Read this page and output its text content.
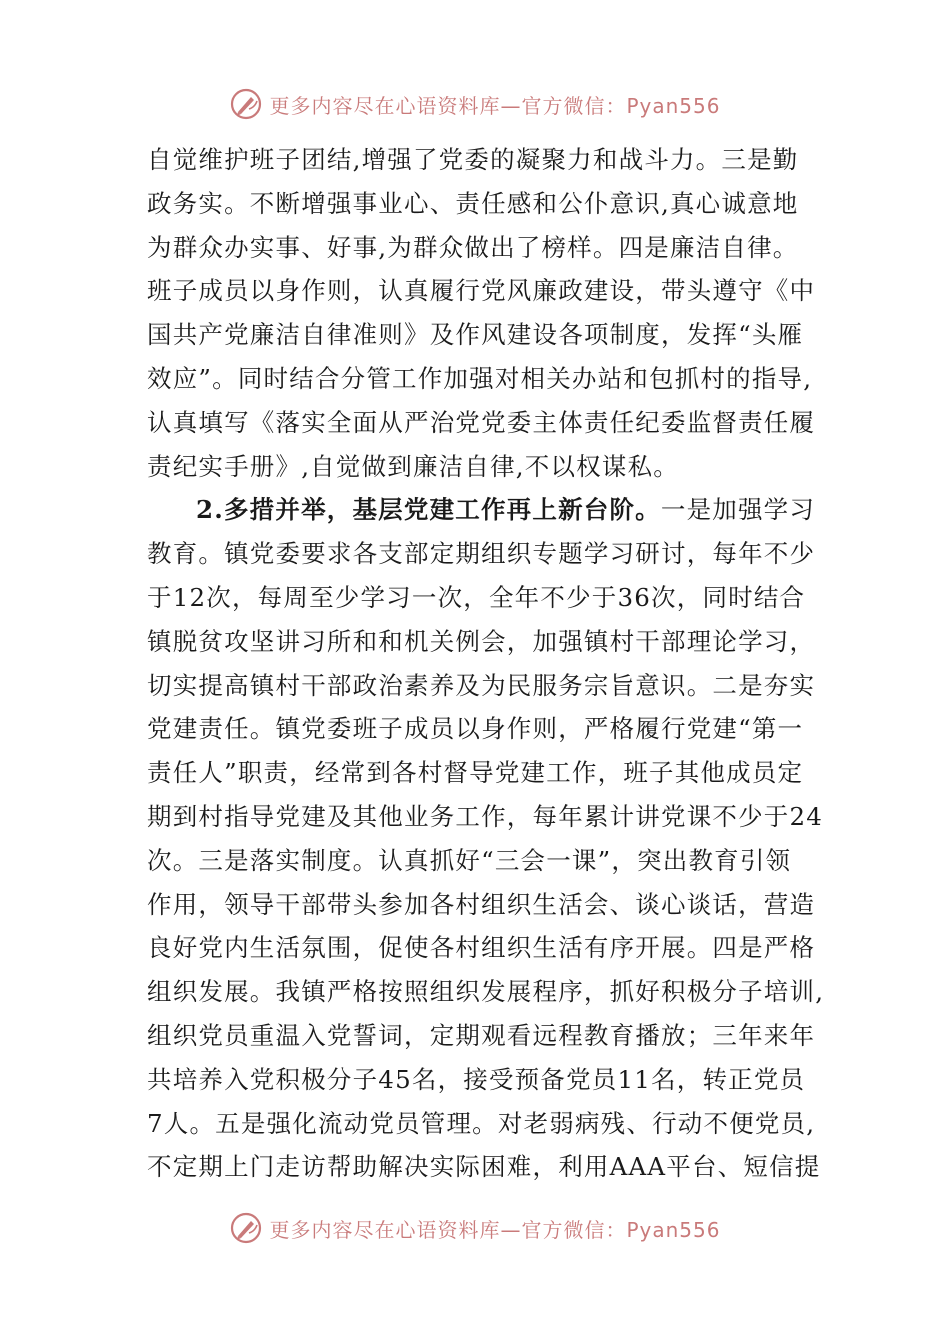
更多内容尽在心语资料库—官方微信：Pyan556
自觉维护班子团结,增强了党委的凝聚力和战斗力。三是勤
政务实。不断增强事业心、责任感和公仆意识,真心诚意地
为群众办实事、好事,为群众做出了榜样。四是廉洁自律。
班子成员以身作则，认真履行党风廉政建设，带头遵守《中
国共产党廉洁自律准则》及作风建设各项制度，发挥“头雁
效应”。同时结合分管工作加强对相关办站和包抓村的指导,
认真填写《落实全面从严治党党委主体责任纪委监督责任履
责纪实手册》,自觉做到廉洁自律,不以权谋私。
2.多措并举，基层党建工作再上新台阶。一是加强学习
教育。镇党委要求各支部定期组织专题学习研讨，每年不少
于12次，每周至少学习一次，全年不少于36次，同时结合
镇脱贫攻坚讲习所和和机关例会，加强镇村干部理论学习，
切实提高镇村干部政治素养及为民服务宗旨意识。二是夯实
党建责任。镇党委班子成员以身作则，严格履行党建“第一
责任人”职责，经常到各村督导党建工作，班子其他成员定
期到村指导党建及其他业务工作，每年累计讲党课不少于24
次。三是落实制度。认真抓好“三会一课”，突出教育引领
作用，领导干部带头参加各村组织生活会、谈心谈话，营造
良好党内生活氛围，促使各村组织生活有序开展。四是严格
组织发展。我镇严格按照组织发展程序，抓好积极分子培训,
组织党员重温入党誓词，定期观看远程教育播放；三年来年
共培养入党积极分子45名，接受预备党员11名，转正党员
7人。五是强化流动党员管理。对老弱病残、行动不便党员,
不定期上门走访帮助解决实际困难，利用AAA平台、短信提
更多内容尽在心语资料库—官方微信：Pyan556
